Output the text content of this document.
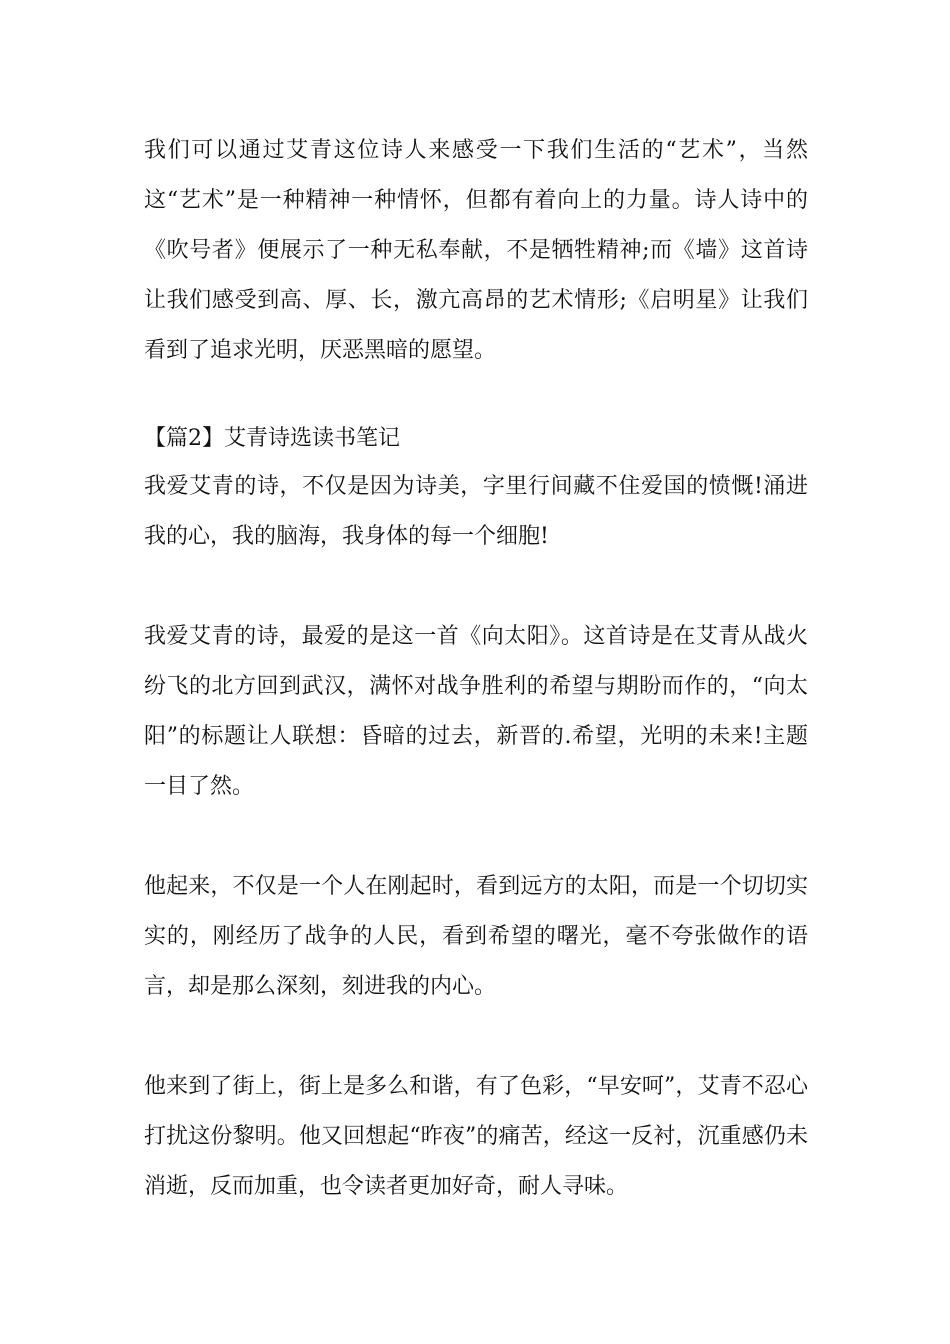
我们可以通过艾青这位诗人来感受一下我们生活的“艺术”，当然这“艺术”是一种精神一种情怀，但都有着向上的力量。诗人诗中的《吹号者》便展示了一种无私奉献，不是牺牲精神;而《墙》这首诗让我们感受到高、厚、长，激亢高昂的艺术情形;《启明星》让我们看到了追求光明，厌恶黑暗的愿望。

【篇2】艾青诗选读书笔记

我爱艾青的诗，不仅是因为诗美，字里行间藏不住爱国的愤慨!涌进我的心，我的脑海，我身体的每一个细胞!

我爱艾青的诗，最爱的是这一首《向太阳》。这首诗是在艾青从战火纷飞的北方回到武汉，满怀对战争胜利的希望与期盼而作的，“向太阳”的标题让人联想：昏暗的过去，新晋的.希望，光明的未来!主题一目了然。

他起来，不仅是一个人在刚起时，看到远方的太阳，而是一个切切实实的，刚经历了战争的人民，看到希望的曙光，毫不夸张做作的语言，却是那么深刻，刻进我的内心。

他来到了街上，街上是多么和谐，有了色彩，“早安呵”，艾青不忍心打扰这份黎明。他又回想起“昨夜”的痛苦，经这一反衬，沉重感仍未消逝，反而加重，也令读者更加好奇，耐人寻味。
